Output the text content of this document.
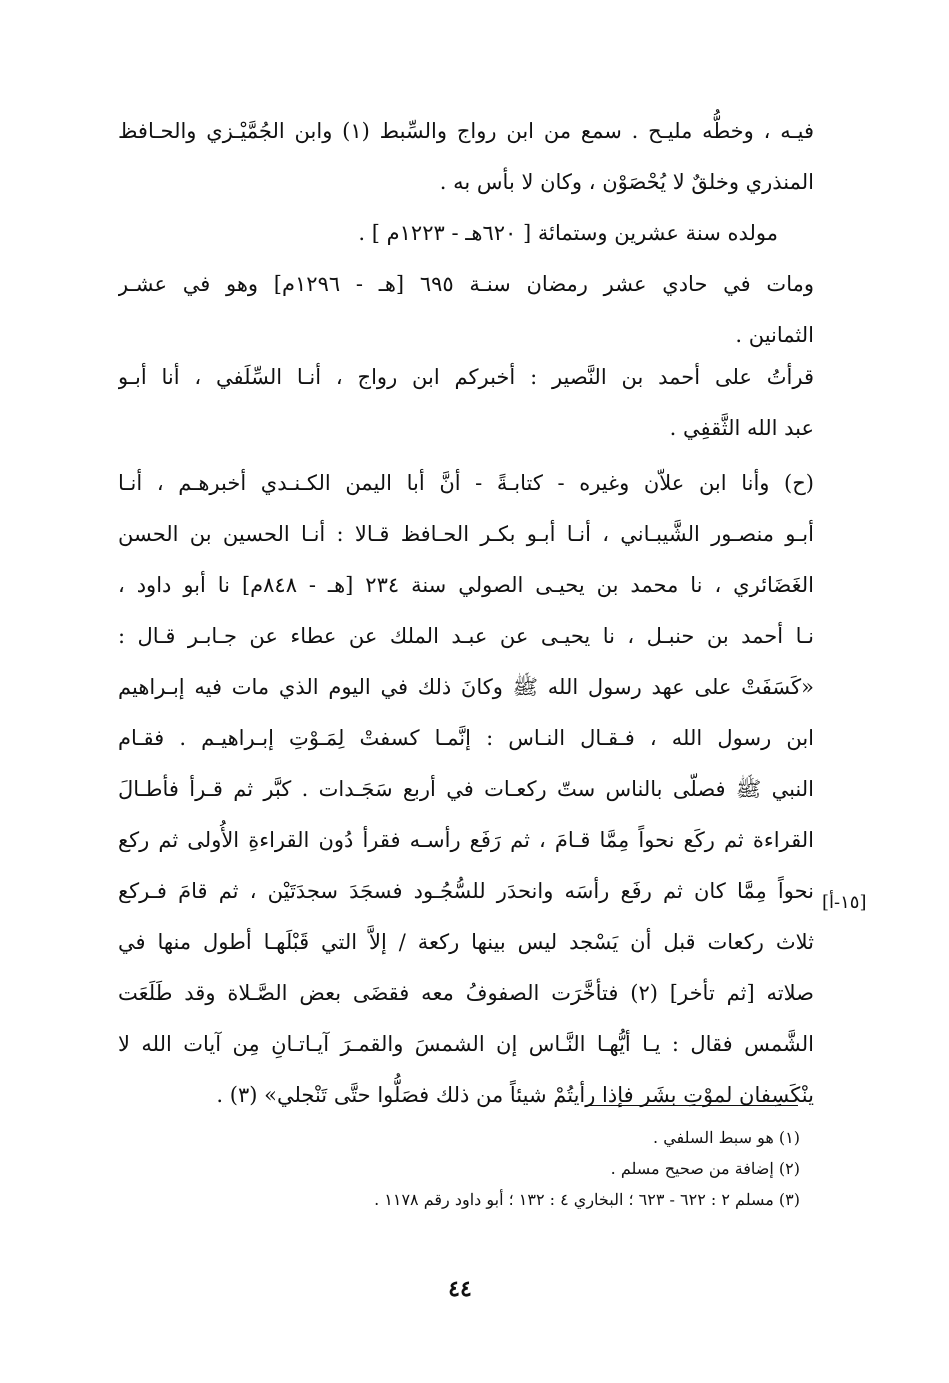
فيـه ، وخطُّه مليـح . سمع من ابن رواج والسِّبط (١) وابن الجُمَّيْـزي والحـافظ
المنذري وخلقٌ لا يُحْصَوْن ، وكان لا بأس به .
مولده سنة عشرين وستمائة [ ٦٢٠هـ - ١٢٢٣م ] .
ومات في حادي عشر رمضان سنـة ٦٩٥ [هـ - ١٢٩٦م] وهو في عشـر
الثمانين .
قرأتُ على أحمد بن النَّصير : أخبركم ابن رواج ، أنـا السِّلَفي ، أنا أبـو
عبد الله الثَّقفِي .
(ح) وأنا ابن علاّن وغيره - كتابـةً - أنَّ أبا اليمن الكـنـدي أخبرهـم ، أنـا
أبـو منصـور الشَّيبـاني ، أنـا أبـو بكـر الحـافظ قـالا : أنـا الحسين بن الحسن
الغَضَائري ، نا محمد بن يحيـى الصولي سنة ٢٣٤ [هـ - ٨٤٨م] نا أبو داود ،
نـا أحمد بن حنبـل ، نا يحيـى عن عبـد الملك عن عطاء عن جـابـر قـال :
«كَسَفَتْ على عهد رسول الله ﷺ وكانَ ذلك في اليوم الذي مات فيه إبـراهيم
ابن رسول الله ، فـقـال النـاس : إنَّمـا كسفتْ لِمَـوْتِ إبـراهيـم . فقـام
النبي ﷺ فصلّى بالناس ستّ ركعـات في أربع سَجَـدات . كبَّر ثم قـرأ فأطـالَ
القراءة ثم ركَع نحواً مِمَّا قـامَ ، ثم رَفَع رأسـه فقرأ دُون القراءةِ الأُولى ثم ركع
نحواً مِمَّا كان ثم رفَع رأسَه وانحدَر للسُّجُـود فسجَدَ سجدَتَيْن ، ثم قامَ فـركع
ثلاث ركعات قبل أن يَسْجد ليس بينها ركعة / إلاَّ التي قَبْلَهـا أطول منها في
صلاته [ثم تأخر] (٢) فتأخَّرَت الصفوفُ معه فقضَى بعض الصَّـلاة وقد طَلَعَت
الشَّمس فقال : يـا أيُّهـا النَّـاس إن الشمسَ والقمـرَ آيـاتـانِ مِن آيات الله لا
ينْكَسِفان لموْتِ بشَر فإذا رأيتُمْ شيئاً من ذلك فصَلُّوا حتَّى تَنْجلي» (٣) .
[١٥-أ]
(١) هو سبط السلفي .
(٢) إضافة من صحيح مسلم .
(٣) مسلم ٢ : ٦٢٢ - ٦٢٣ ؛ البخاري ٤ : ١٣٢ ؛ أبو داود رقم ١١٧٨ .
٤٤
